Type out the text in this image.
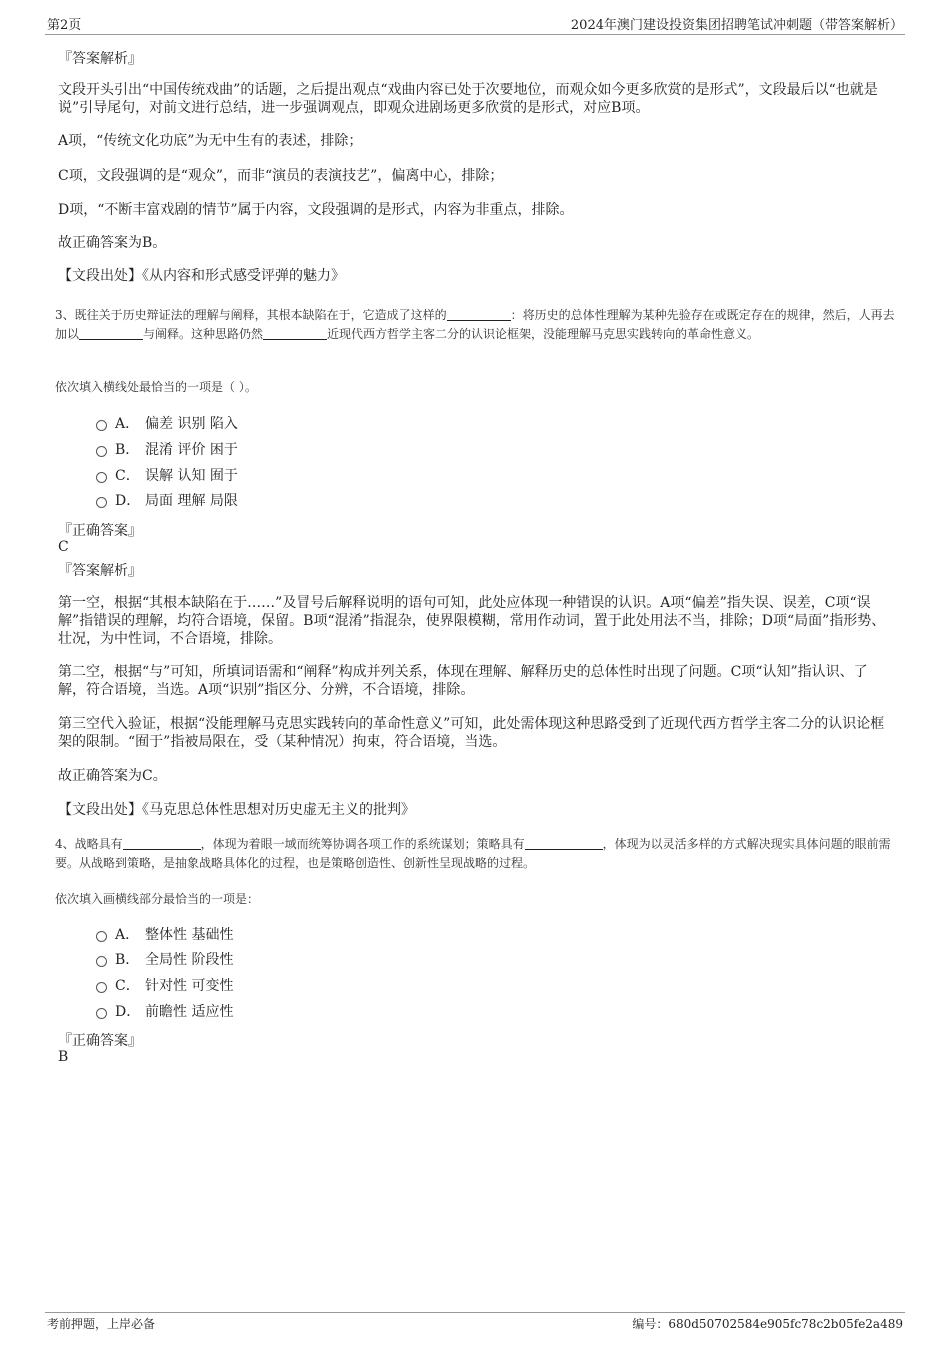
第2页	2024年澳门建设投资集团招聘笔试冲刺题（带答案解析）
『答案解析』
文段开头引出“中国传统戏曲”的话题，之后提出观点“戏曲内容已处于次要地位，而观众如今更多欣赏的是形式”，文段最后以“也就是说”引导尾句，对前文进行总结，进一步强调观点，即观众进剧场更多欣赏的是形式，对应B项。
A项，“传统文化功底”为无中生有的表述，排除；
C项，文段强调的是“观众”，而非“演员的表演技艺”，偏离中心，排除；
D项，“不断丰富戏剧的情节”属于内容，文段强调的是形式，内容为非重点，排除。
故正确答案为B。
【文段出处】《从内容和形式感受评弹的魅力》
3、既往关于历史辩证法的理解与阐释，其根本缺陷在于，它造成了这样的	：将历史的总体性理解为某种先验存在或既定存在的规律，然后，人再去加以	与阐释。这种思路仍然	近现代西方哲学主客二分的认识论框架，没能理解马克思实践转向的革命性意义。
依次填入横线处最恰当的一项是（ ）。
A． 偏差 识别 陷入
B． 混淆 评价 困于
C． 误解 认知 囿于
D． 局面 理解 局限
『正确答案』
C
『答案解析』
第一空，根据“其根本缺陷在于……”及冒号后解释说明的语句可知，此处应体现一种错误的认识。A项“偏差”指失误、误差，C项“误解”指错误的理解，均符合语境，保留。B项“混淆”指混杂，使界限模糊，常用作动词，置于此处用法不当，排除；D项“局面”指形势、壮况，为中性词，不合语境，排除。
第二空，根据“与”可知，所填词语需和“阐释”构成并列关系，体现在理解、解释历史的总体性时出现了问题。C项“认知”指认识、了解，符合语境，当选。A项“识别”指区分、分辨，不合语境，排除。
第三空代入验证，根据“没能理解马克思实践转向的革命性意义”可知，此处需体现这种思路受到了近现代西方哲学主客二分的认识论框架的限制。“囿于”指被局限在，受（某种情况）拘束，符合语境，当选。
故正确答案为C。
【文段出处】《马克思总体性思想对历史虚无主义的批判》
4、战略具有	，体现为着眼一域而统筹协调各项工作的系统谋划；策略具有	，体现为以灵活多样的方式解决现实具体问题的眼前需要。从战略到策略，是抽象战略具体化的过程，也是策略创造性、创新性呈现战略的过程。
依次填入画横线部分最恰当的一项是：
A． 整体性 基础性
B． 全局性 阶段性
C． 针对性 可变性
D． 前瞻性 适应性
『正确答案』
B
考前押题，上岸必备	编号：680d50702584e905fc78c2b05fe2a489
